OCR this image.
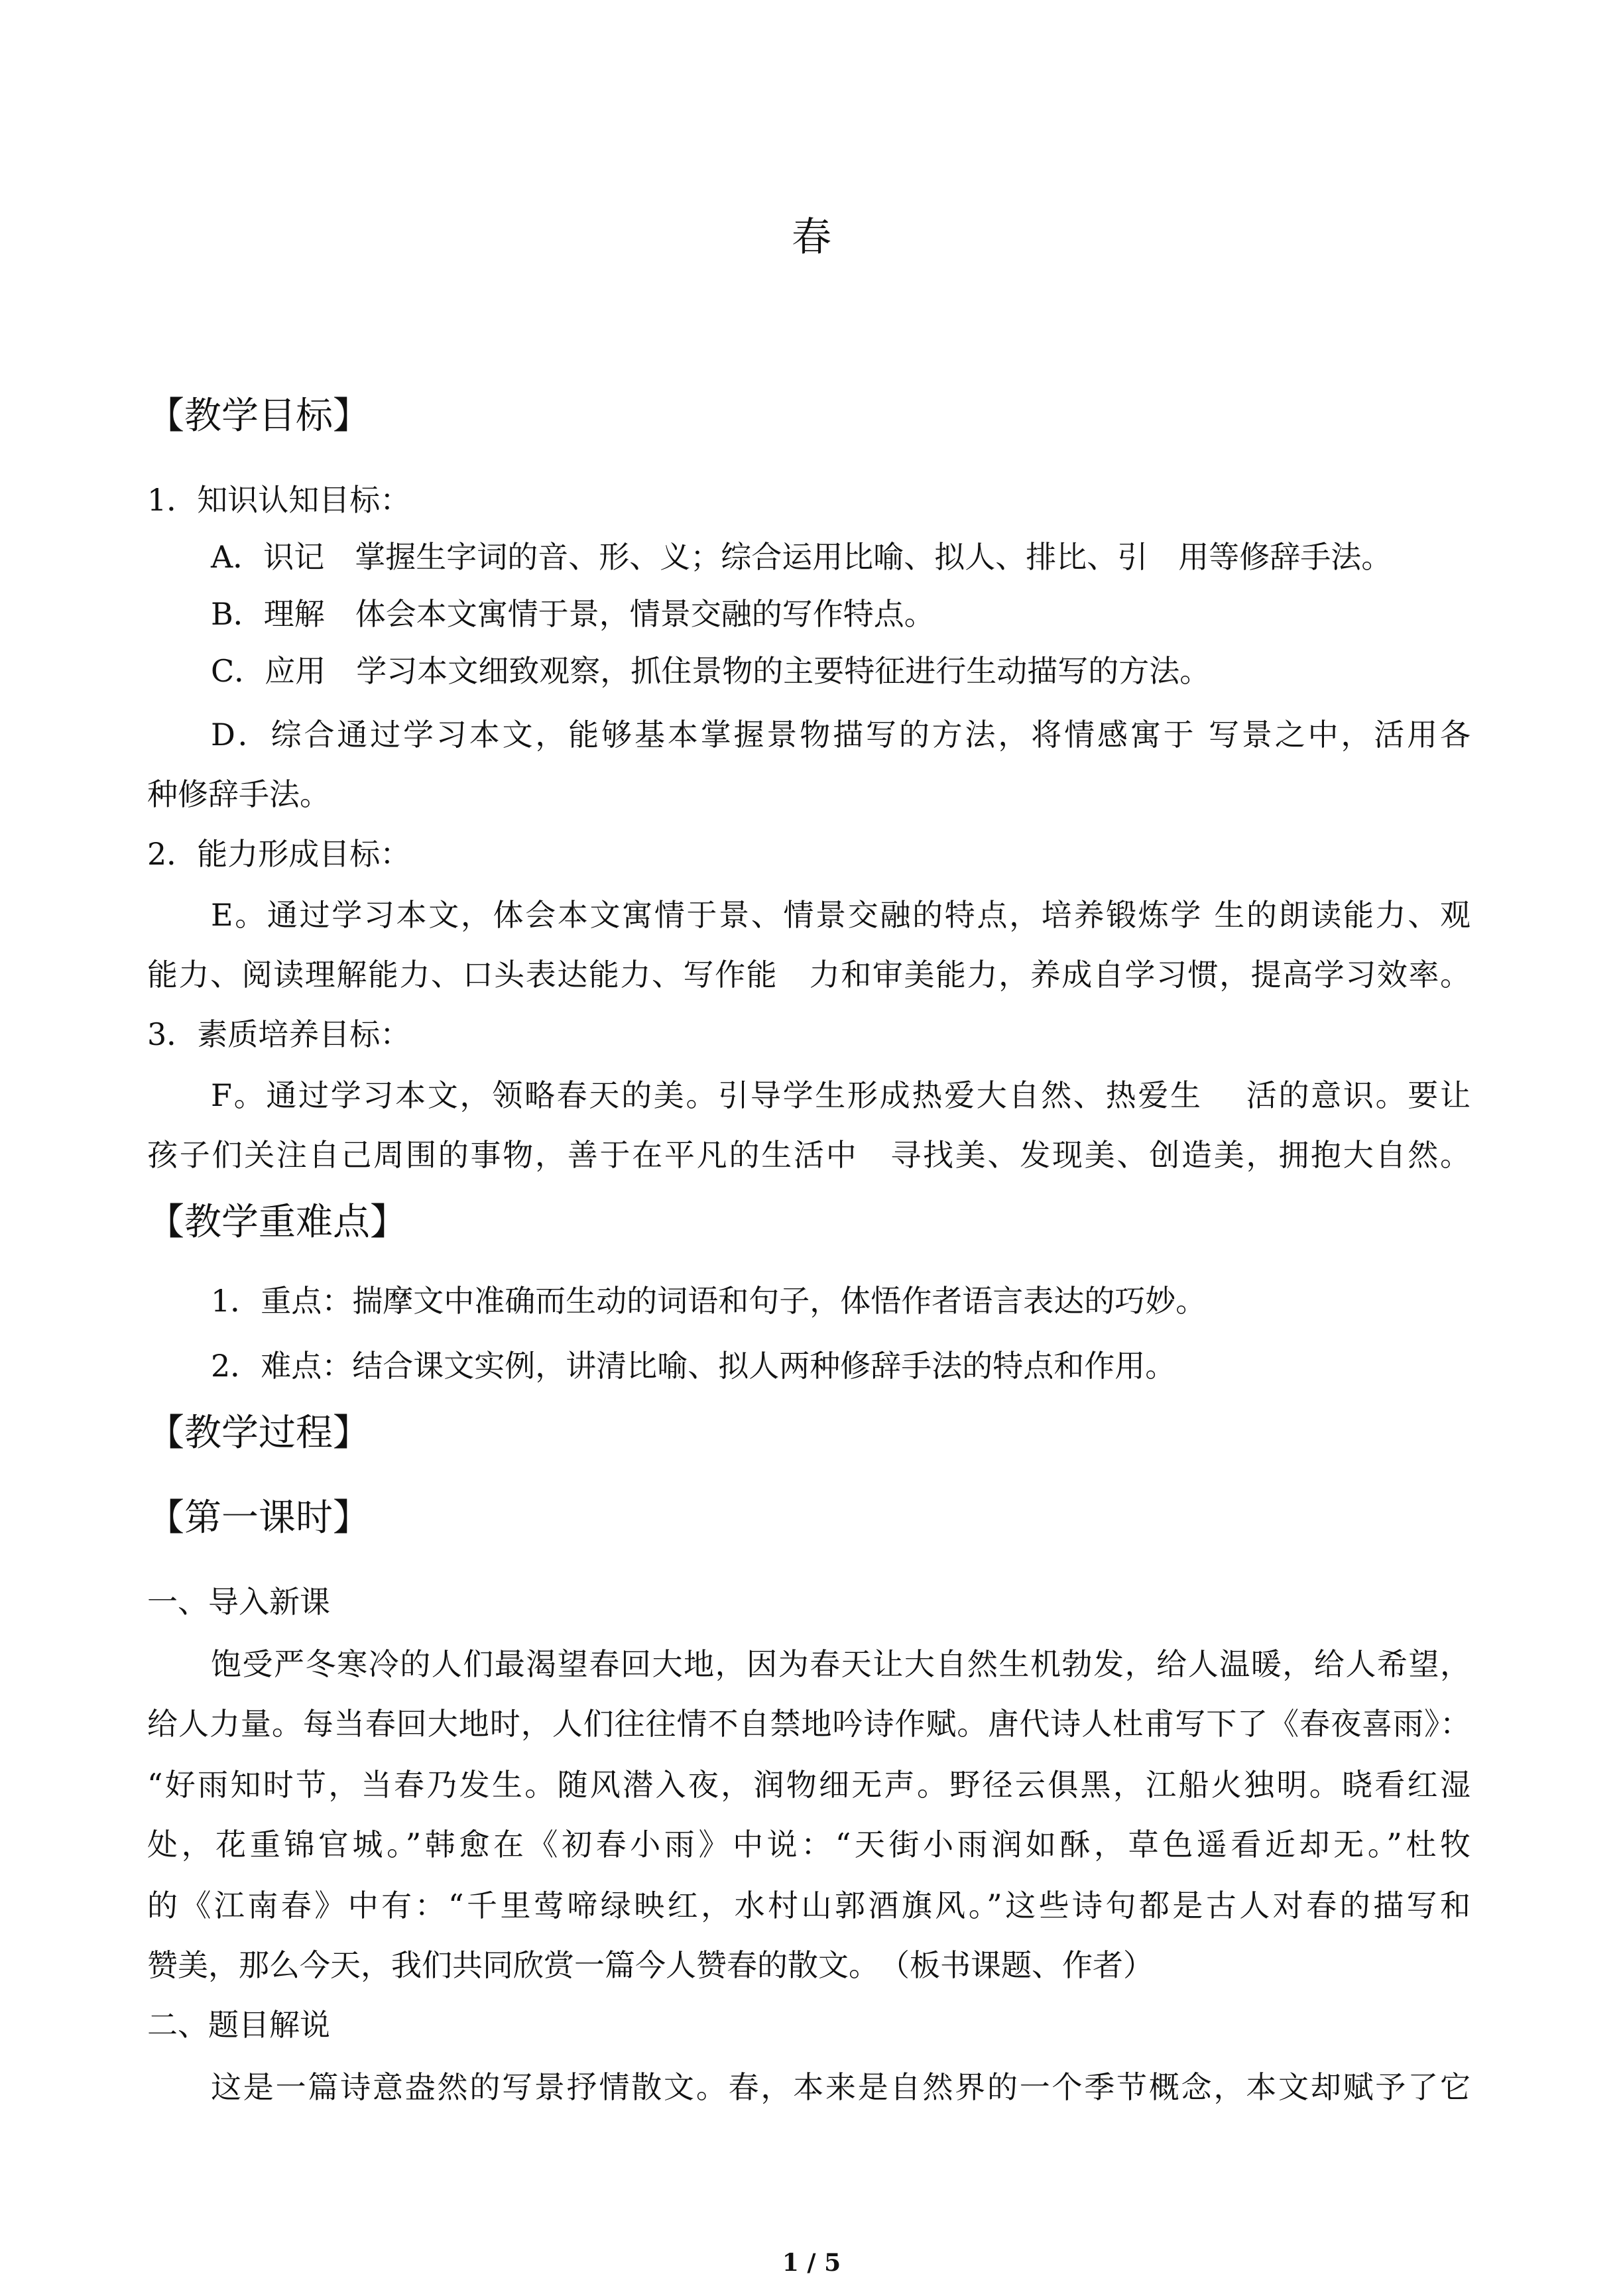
春
【教学目标】
1．知识认知目标：
A．识记　掌握生字词的音、形、义；综合运用比喻、拟人、排比、引　用等修辞手法。
B．理解　体会本文寓情于景，情景交融的写作特点。
C．应用　学习本文细致观察，抓住景物的主要特征进行生动描写的方法。
D．综合通过学习本文，能够基本掌握景物描写的方法，将情感寓于 写景之中，活用各
种修辞手法。
2．能力形成目标：
E。通过学习本文，体会本文寓情于景、情景交融的特点，培养锻炼学 生的朗读能力、观
能力、阅读理解能力、口头表达能力、写作能　力和审美能力，养成自学习惯，提高学习效率。
3．素质培养目标：
F。通过学习本文，领略春天的美。引导学生形成热爱大自然、热爱生　 活的意识。要让
孩子们关注自己周围的事物，善于在平凡的生活中　寻找美、发现美、创造美，拥抱大自然。
【教学重难点】
1．重点：揣摩文中准确而生动的词语和句子，体悟作者语言表达的巧妙。
2．难点：结合课文实例，讲清比喻、拟人两种修辞手法的特点和作用。
【教学过程】
【第一课时】
一、导入新课
饱受严冬寒冷的人们最渴望春回大地，因为春天让大自然生机勃发，给人温暖，给人希望，
给人力量。每当春回大地时，人们往往情不自禁地吟诗作赋。唐代诗人杜甫写下了《春夜喜雨》：
“好雨知时节，当春乃发生。随风潜入夜，润物细无声。野径云俱黑，江船火独明。晓看红湿
处，花重锦官城。”韩愈在《初春小雨》中说：“天街小雨润如酥，草色遥看近却无。”杜牧
的《江南春》中有：“千里莺啼绿映红，水村山郭酒旗风。”这些诗句都是古人对春的描写和
赞美，那么今天，我们共同欣赏一篇今人赞春的散文。　（板书课题、作者）
二、题目解说
这是一篇诗意盎然的写景抒情散文。春，本来是自然界的一个季节概念，本文却赋予了它
1 / 5
